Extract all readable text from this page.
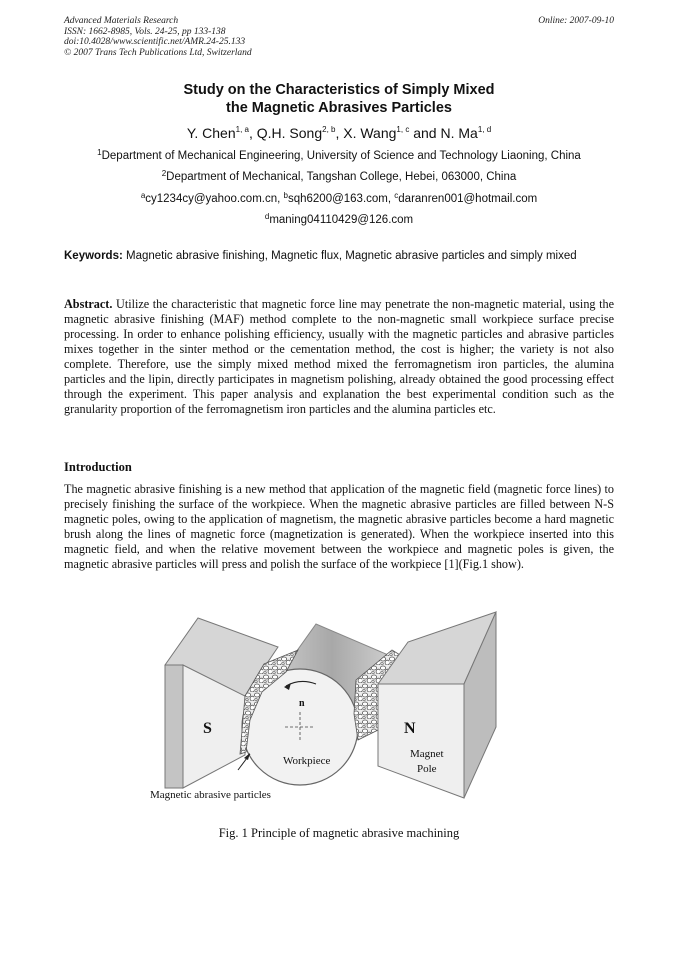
Advanced Materials Research
ISSN: 1662-8985, Vols. 24-25, pp 133-138
doi:10.4028/www.scientific.net/AMR.24-25.133
© 2007 Trans Tech Publications Ltd, Switzerland
Online: 2007-09-10
Study on the Characteristics of Simply Mixed
the Magnetic Abrasives Particles
Y. Chen$^{1, a}$, Q.H. Song$^{2, b}$, X. Wang$^{1, c}$ and N. Ma$^{1, d}$
$^1$Department of Mechanical Engineering, University of Science and Technology Liaoning, China
$^2$Department of Mechanical, Tangshan College, Hebei, 063000, China
$^a$cy1234cy@yahoo.com.cn, $^b$sqh6200@163.com, $^c$daranren001@hotmail.com
$^d$maning04110429@126.com
Keywords: Magnetic abrasive finishing, Magnetic flux, Magnetic abrasive particles and simply mixed
Abstract. Utilize the characteristic that magnetic force line may penetrate the non-magnetic material, using the magnetic abrasive finishing (MAF) method complete to the non-magnetic small workpiece surface precise processing. In order to enhance polishing efficiency, usually with the magnetic particles and abrasive particles mixes together in the sinter method or the cementation method, the cost is higher; the variety is not also complete. Therefore, use the simply mixed method mixed the ferromagnetism iron particles, the alumina particles and the lipin, directly participates in magnetism polishing, already obtained the good processing effect through the experiment. This paper analysis and explanation the best experimental condition such as the granularity proportion of the ferromagnetism iron particles and the alumina particles etc.
Introduction
The magnetic abrasive finishing is a new method that application of the magnetic field (magnetic force lines) to precisely finishing the surface of the workpiece. When the magnetic abrasive particles are filled between N-S magnetic poles, owing to the application of magnetism, the magnetic abrasive particles become a hard magnetic brush along the lines of magnetic force (magnetization is generated). When the workpiece inserted into this magnetic field, and when the relative movement between the workpiece and magnetic poles is given, the magnetic abrasive particles will press and polish the surface of the workpiece [1](Fig.1 show).
S	N
n
Workpiece
Magnet
Pole
Magnetic abrasive particles
Fig. 1 Principle of magnetic abrasive machining
